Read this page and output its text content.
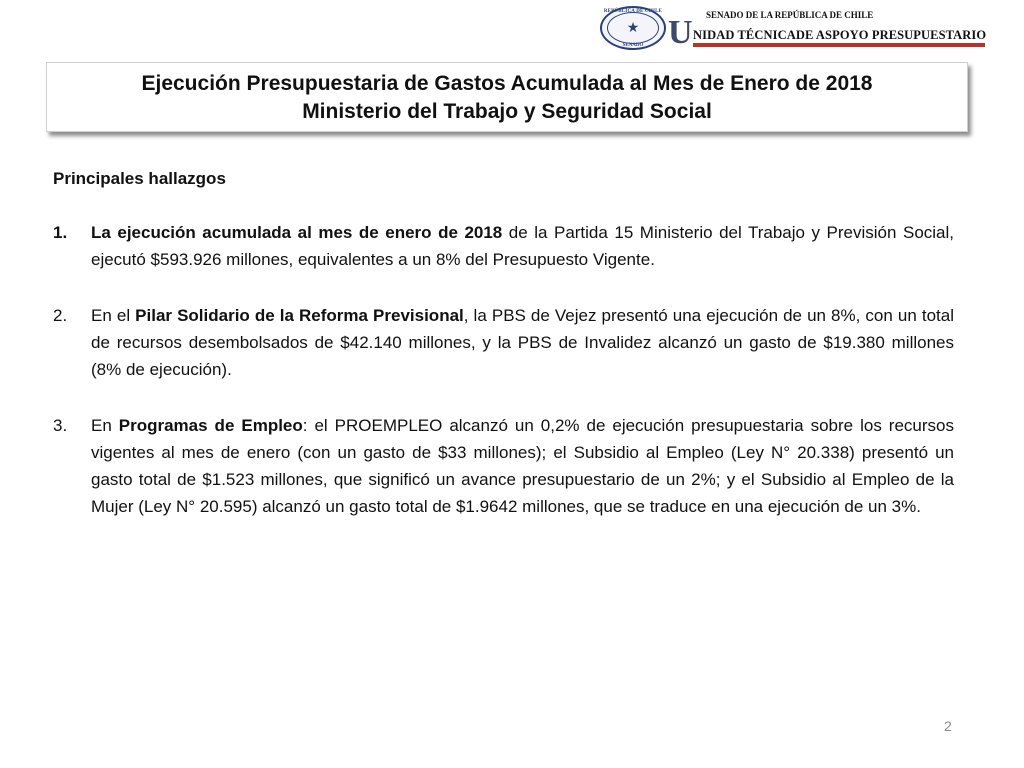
REPÚBLICA DE CHILE
★
SENADO U SENADO DE LA REPÚBLICA DE CHILE
NIDAD TÉCNICADE ASPOYO PRESUPUESTARIO
Ejecución Presupuestaria de Gastos Acumulada al Mes de Enero de 2018
Ministerio del Trabajo y Seguridad Social
Principales hallazgos
1. La ejecución acumulada al mes de enero de 2018 de la Partida 15 Ministerio del Trabajo y Previsión Social, ejecutó $593.926 millones, equivalentes a un 8% del Presupuesto Vigente.
2. En el Pilar Solidario de la Reforma Previsional, la PBS de Vejez presentó una ejecución de un 8%, con un total de recursos desembolsados de $42.140 millones, y la PBS de Invalidez alcanzó un gasto de $19.380 millones (8% de ejecución).
3. En Programas de Empleo: el PROEMPLEO alcanzó un 0,2% de ejecución presupuestaria sobre los recursos vigentes al mes de enero (con un gasto de $33 millones); el Subsidio al Empleo (Ley N° 20.338) presentó un gasto total de $1.523 millones, que significó un avance presupuestario de un 2%; y el Subsidio al Empleo de la Mujer (Ley N° 20.595) alcanzó un gasto total de $1.9642 millones, que se traduce en una ejecución de un 3%.
2
